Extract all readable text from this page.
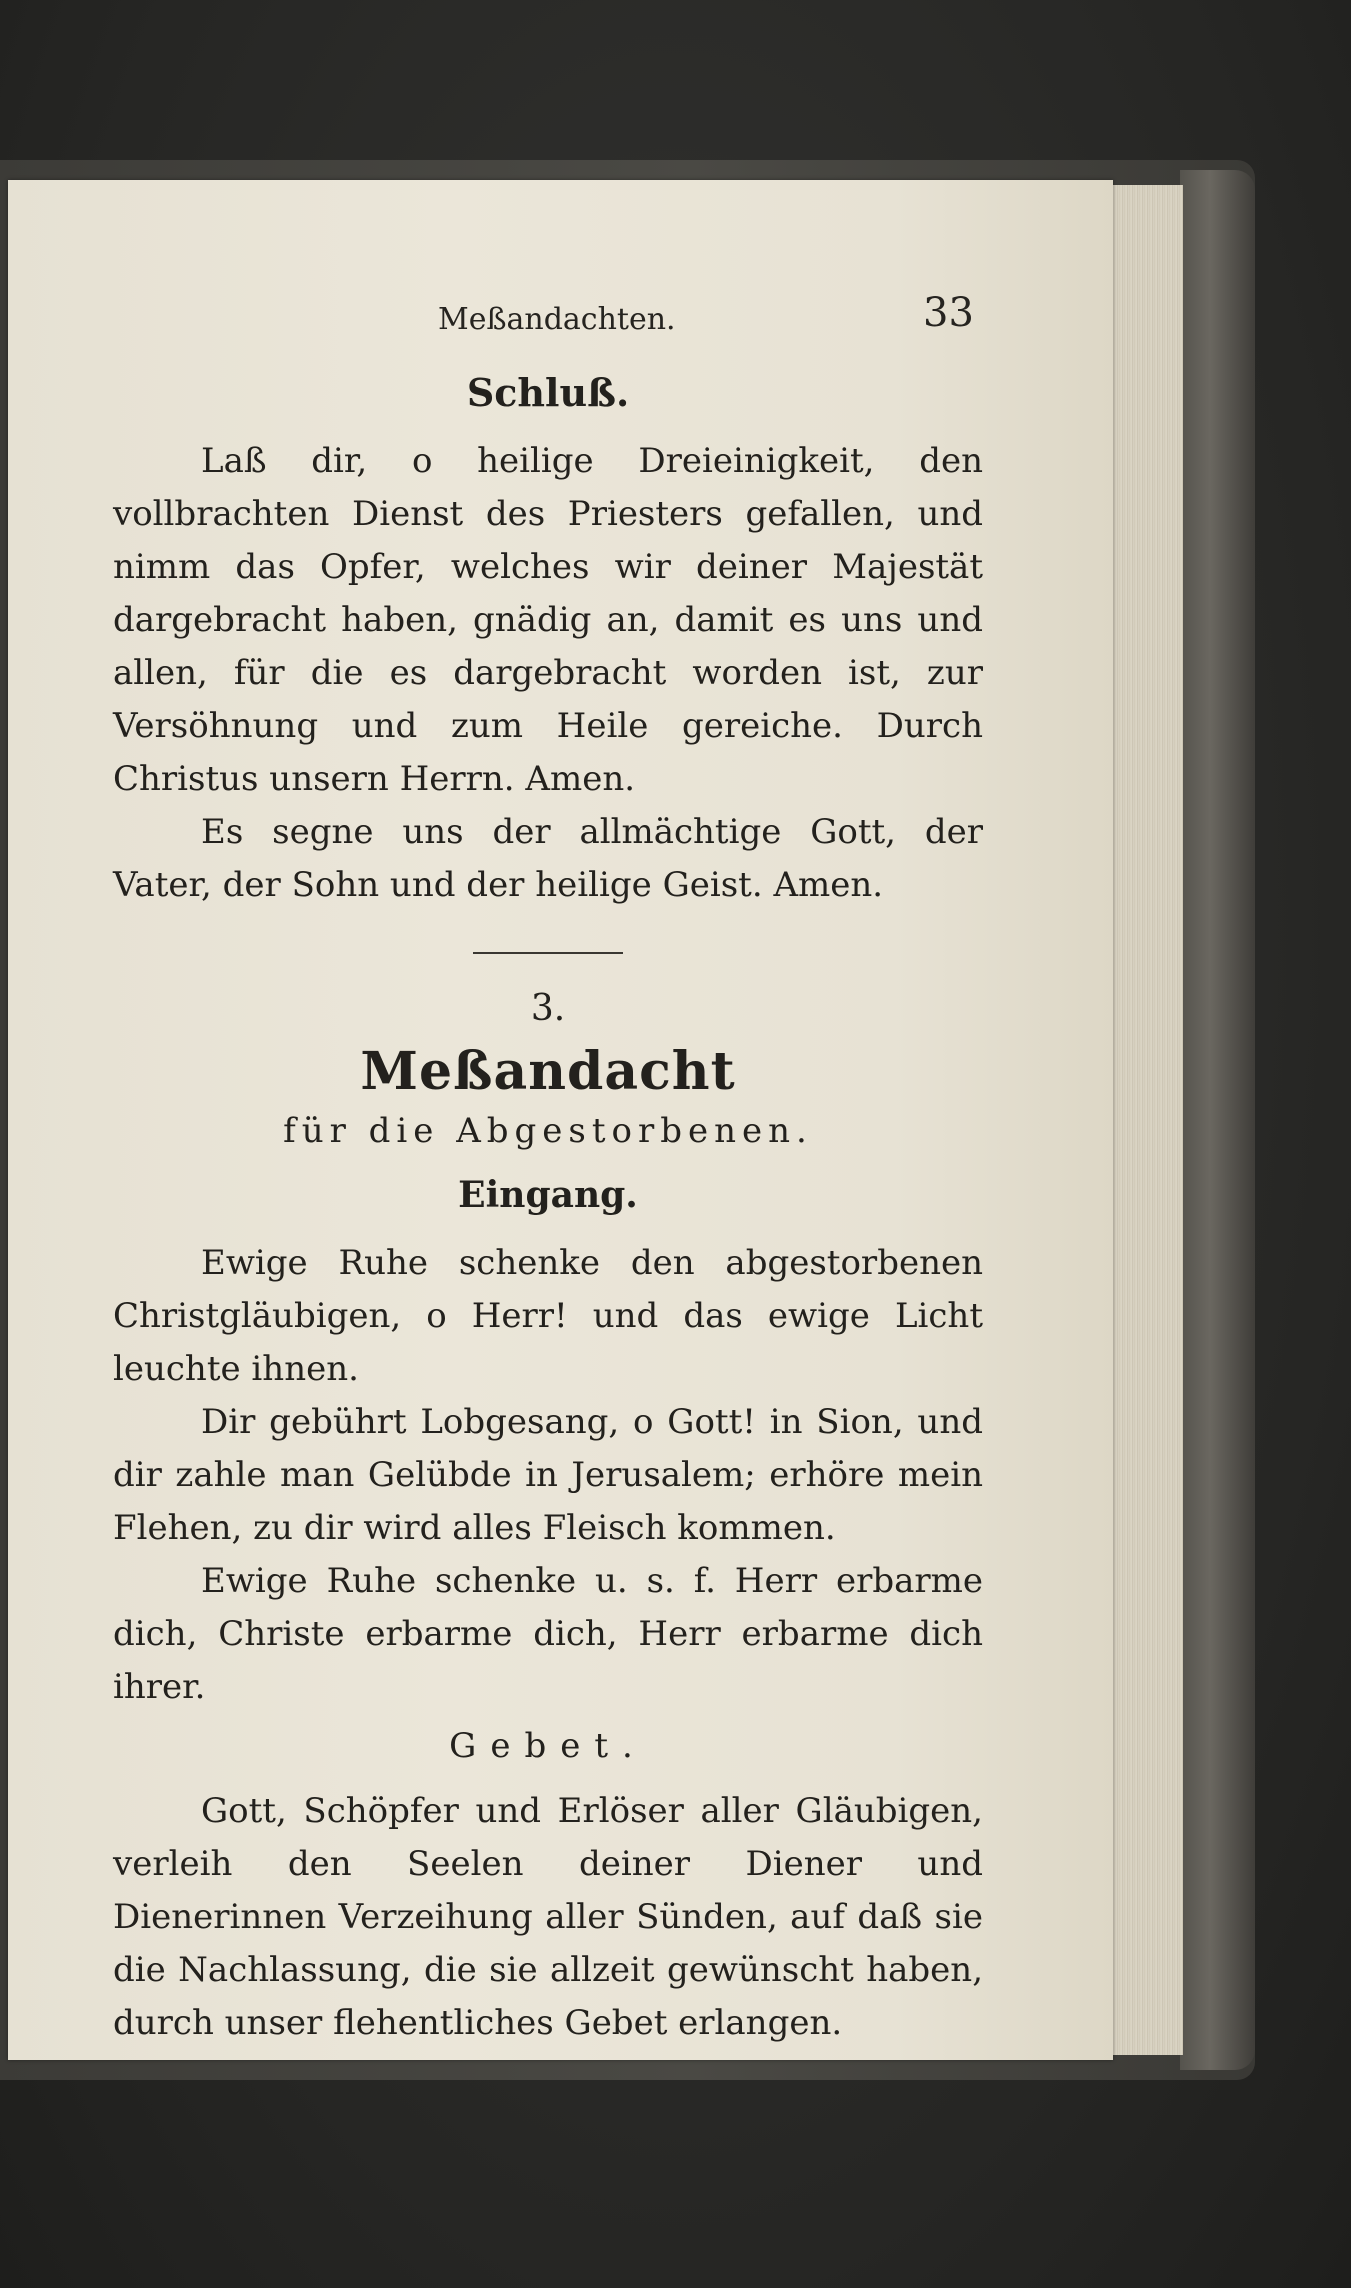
Meßandachten.	33
Schluß.

Laß dir, o heilige Dreieinigkeit, den vollbrachten Dienst des Priesters gefallen, und nimm das Opfer, welches wir deiner Majestät dargebracht haben, gnädig an, damit es uns und allen, für die es dargebracht worden ist, zur Versöhnung und zum Heile gereiche. Durch Christus unsern Herrn. Amen.

Es segne uns der allmächtige Gott, der Vater, der Sohn und der heilige Geist. Amen.

3.
Meßandacht
für die Abgestorbenen.
Eingang.

Ewige Ruhe schenke den abgestorbenen Christgläubigen, o Herr! und das ewige Licht leuchte ihnen.

Dir gebührt Lobgesang, o Gott! in Sion, und dir zahle man Gelübde in Jerusalem; erhöre mein Flehen, zu dir wird alles Fleisch kommen.

Ewige Ruhe schenke u. s. f. Herr erbarme dich, Christe erbarme dich, Herr erbarme dich ihrer.

Gebet.

Gott, Schöpfer und Erlöser aller Gläubigen, verleih den Seelen deiner Diener und Dienerinnen Verzeihung aller Sünden, auf daß sie die Nachlassung, die sie allzeit gewünscht haben, durch unser flehentliches Gebet erlangen.
